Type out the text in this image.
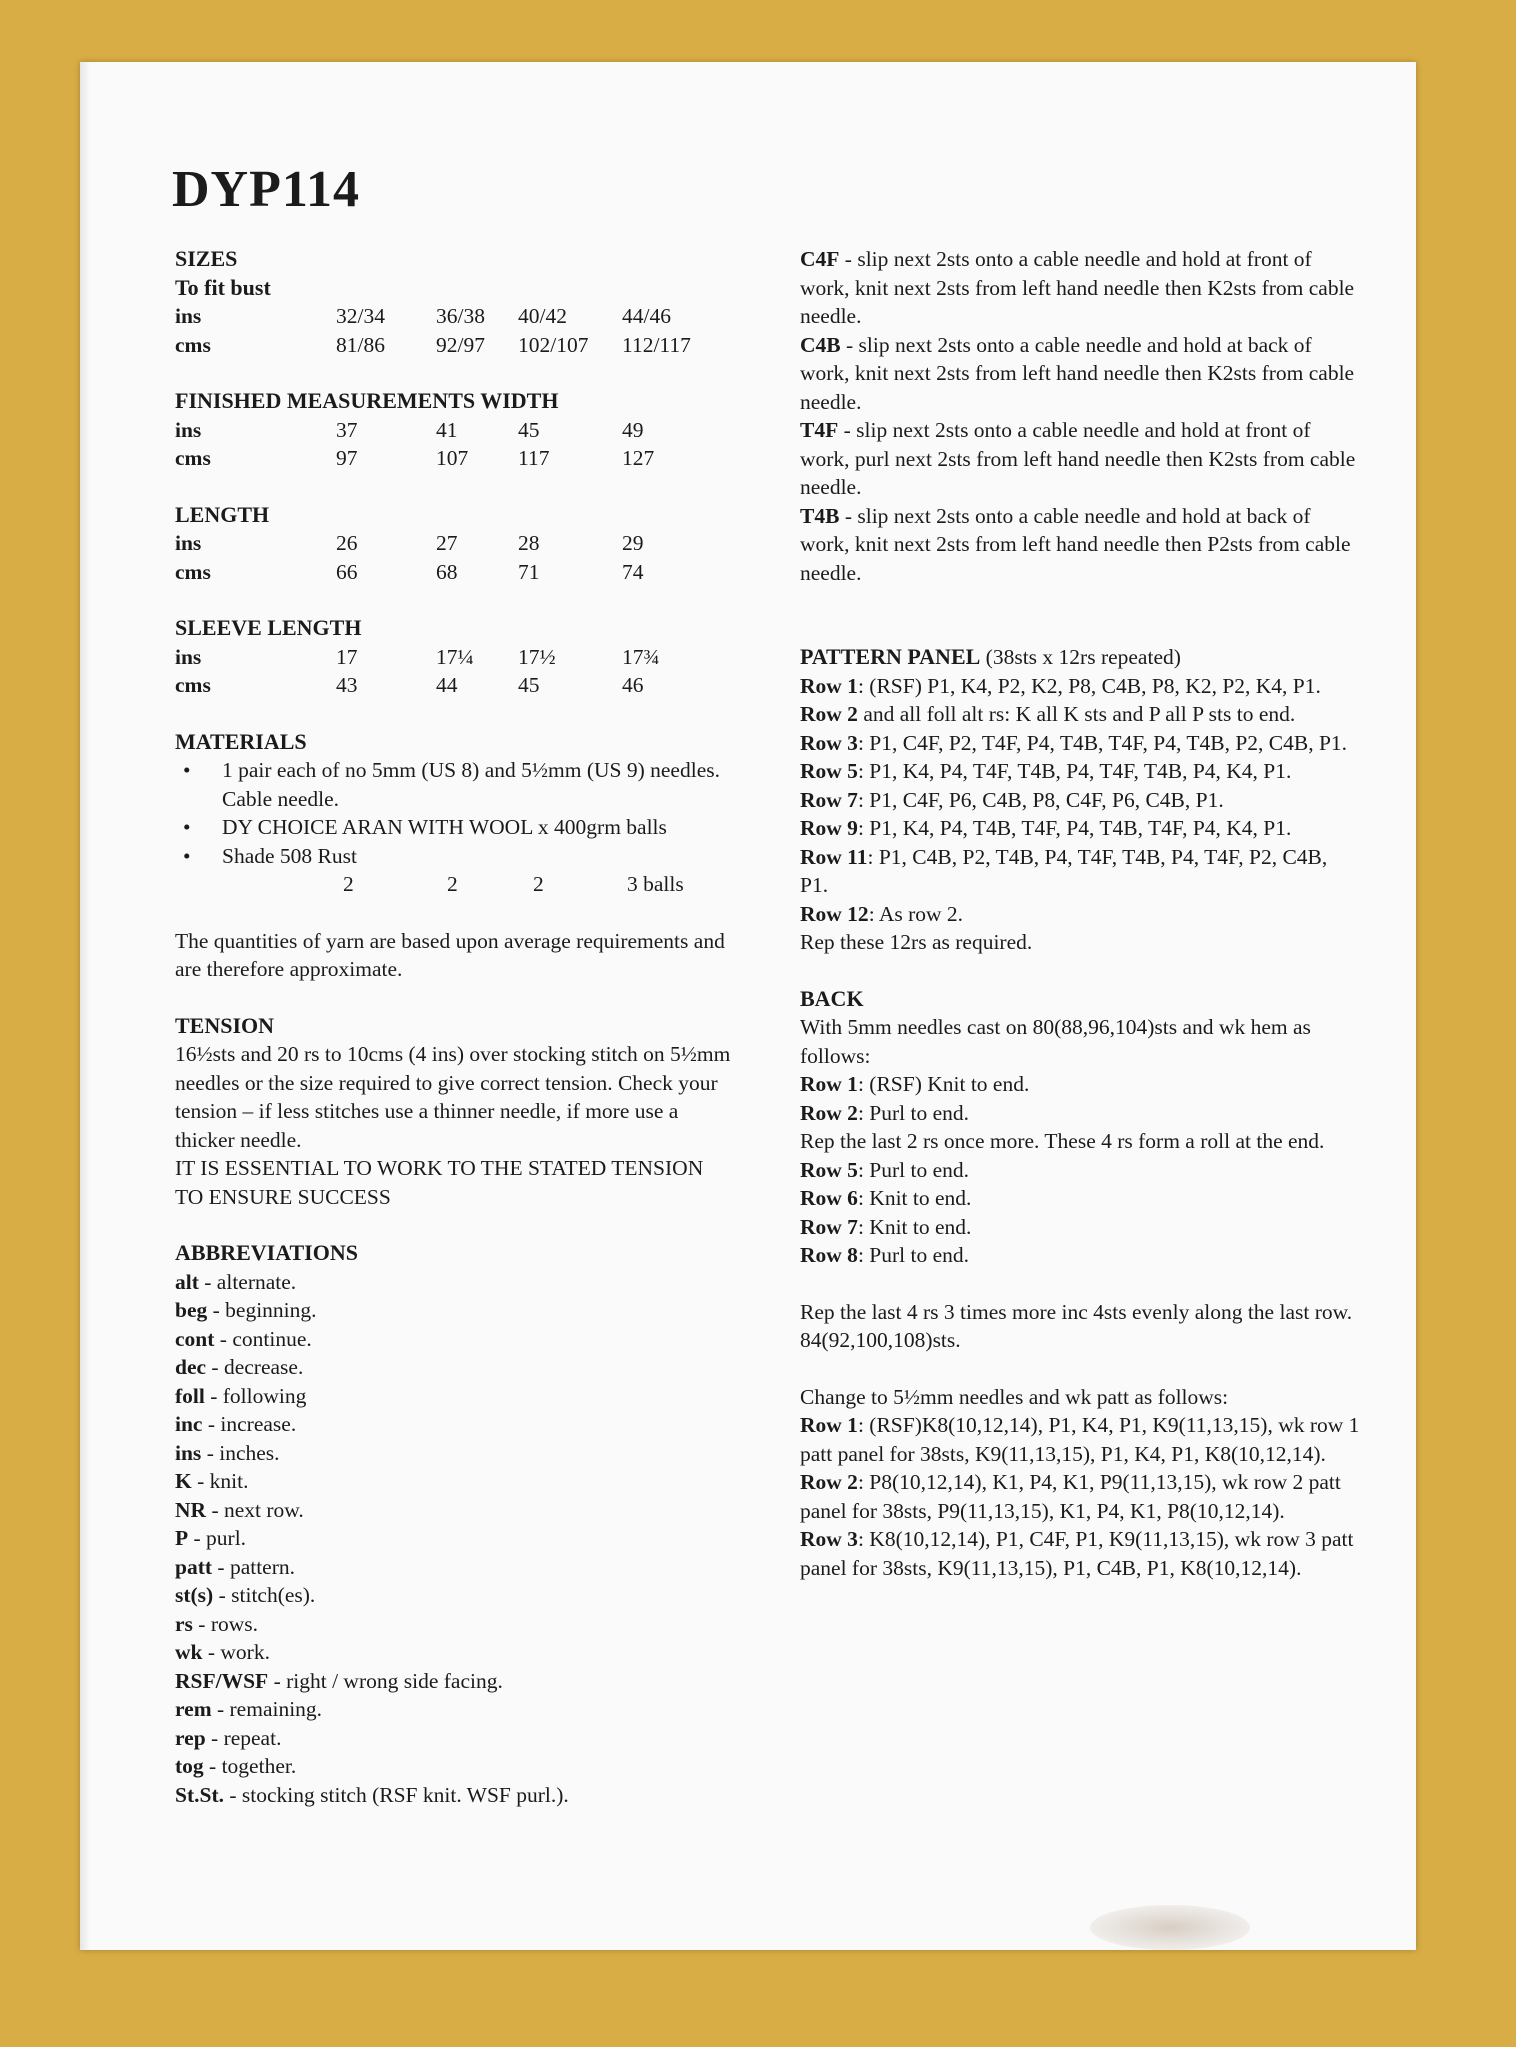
DYP114
SIZES
To fit bust
ins	32/34	36/38	40/42	44/46
cms	81/86	92/97	102/107	112/117
FINISHED MEASUREMENTS WIDTH
ins	37	41	45	49
cms	97	107	117	127
LENGTH
ins	26	27	28	29
cms	66	68	71	74
SLEEVE LENGTH
ins	17	17¼	17½	17¾
cms	43	44	45	46
MATERIALS
• 1 pair each of no 5mm (US 8) and 5½mm (US 9) needles. Cable needle.
• DY CHOICE ARAN WITH WOOL x 400grm balls
• Shade 508 Rust
2	2	2	3 balls

The quantities of yarn are based upon average requirements and are therefore approximate.

TENSION

16½sts and 20 rs to 10cms (4 ins) over stocking stitch on 5½mm needles or the size required to give correct tension. Check your tension – if less stitches use a thinner needle, if more use a thicker needle.

IT IS ESSENTIAL TO WORK TO THE STATED TENSION TO ENSURE SUCCESS

ABBREVIATIONS
alt - alternate.
beg - beginning.
cont - continue.
dec - decrease.
foll - following
inc - increase.
ins - inches.
K - knit.
NR - next row.
P - purl.
patt - pattern.
st(s) - stitch(es).
rs - rows.
wk - work.
RSF/WSF - right / wrong side facing.
rem - remaining.
rep - repeat.
tog - together.
St.St. - stocking stitch (RSF knit. WSF purl.).

C4F - slip next 2sts onto a cable needle and hold at front of work, knit next 2sts from left hand needle then K2sts from cable needle.

C4B - slip next 2sts onto a cable needle and hold at back of work, knit next 2sts from left hand needle then K2sts from cable needle.

T4F - slip next 2sts onto a cable needle and hold at front of work, purl next 2sts from left hand needle then K2sts from cable needle.

T4B - slip next 2sts onto a cable needle and hold at back of work, knit next 2sts from left hand needle then P2sts from cable needle.

PATTERN PANEL (38sts x 12rs repeated)

Row 1: (RSF) P1, K4, P2, K2, P8, C4B, P8, K2, P2, K4, P1.

Row 2 and all foll alt rs: K all K sts and P all P sts to end.

Row 3: P1, C4F, P2, T4F, P4, T4B, T4F, P4, T4B, P2, C4B, P1.

Row 5: P1, K4, P4, T4F, T4B, P4, T4F, T4B, P4, K4, P1.

Row 7: P1, C4F, P6, C4B, P8, C4F, P6, C4B, P1.

Row 9: P1, K4, P4, T4B, T4F, P4, T4B, T4F, P4, K4, P1.

Row 11: P1, C4B, P2, T4B, P4, T4F, T4B, P4, T4F, P2, C4B, P1.

Row 12: As row 2.

Rep these 12rs as required.

BACK

With 5mm needles cast on 80(88,96,104)sts and wk hem as follows:

Row 1: (RSF) Knit to end.

Row 2: Purl to end.

Rep the last 2 rs once more. These 4 rs form a roll at the end.

Row 5: Purl to end.

Row 6: Knit to end.

Row 7: Knit to end.

Row 8: Purl to end.

Rep the last 4 rs 3 times more inc 4sts evenly along the last row. 84(92,100,108)sts.

Change to 5½mm needles and wk patt as follows:

Row 1: (RSF)K8(10,12,14), P1, K4, P1, K9(11,13,15), wk row 1 patt panel for 38sts, K9(11,13,15), P1, K4, P1, K8(10,12,14).

Row 2: P8(10,12,14), K1, P4, K1, P9(11,13,15), wk row 2 patt panel for 38sts, P9(11,13,15), K1, P4, K1, P8(10,12,14).

Row 3: K8(10,12,14), P1, C4F, P1, K9(11,13,15), wk row 3 patt panel for 38sts, K9(11,13,15), P1, C4B, P1, K8(10,12,14).
